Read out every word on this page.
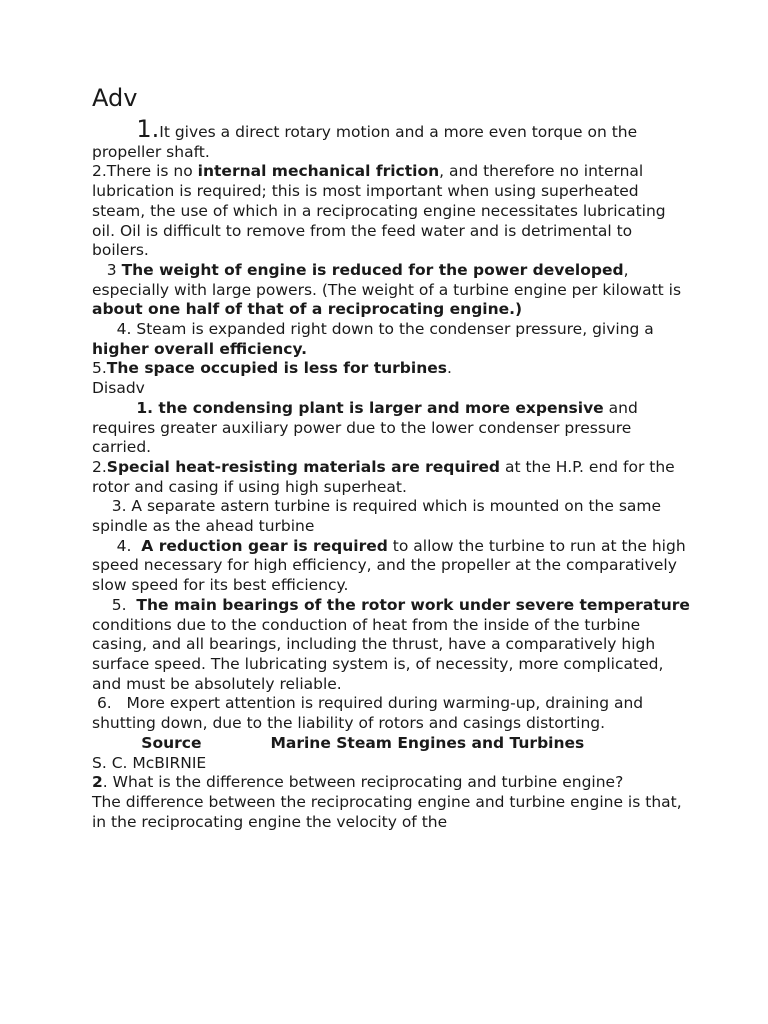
Adv
1.It gives a direct rotary motion and a more even torque on the propeller shaft.
2.There is no internal mechanical friction, and therefore no internal lubrication is required; this is most important when using superheated steam, the use of which in a reciprocating engine necessitates lubricating oil. Oil is difficult to remove from the feed water and is detrimental to boilers.
3 The weight of engine is reduced for the power developed, especially with large powers. (The weight of a turbine engine per kilowatt is about one half of that of a reciprocating engine.)
4. Steam is expanded right down to the condenser pressure, giving a higher overall efficiency.
5.The space occupied is less for turbines.
Disadv
1. the condensing plant is larger and more expensive and requires greater auxiliary power due to the lower condenser pressure carried.
2.Special heat-resisting materials are required at the H.P. end for the rotor and casing if using high superheat.
3. A separate astern turbine is required which is mounted on the same spindle as the ahead turbine
4.  A reduction gear is required to allow the turbine to run at the high speed necessary for high efficiency, and the propeller at the comparatively slow speed for its best efficiency.
5.  The main bearings of the rotor work under severe temperature conditions due to the conduction of heat from the inside of the turbine casing, and all bearings, including the thrust, have a comparatively high surface speed. The lubricating system is, of necessity, more complicated, and must be absolutely reliable.
6.   More expert attention is required during warming-up, draining and shutting down, due to the liability of rotors and casings distorting.
Source	Marine Steam Engines and Turbines
S. C. McBIRNIE
2. What is the difference between reciprocating and turbine engine?
The difference between the reciprocating engine and turbine engine is that, in the reciprocating engine the velocity of the
